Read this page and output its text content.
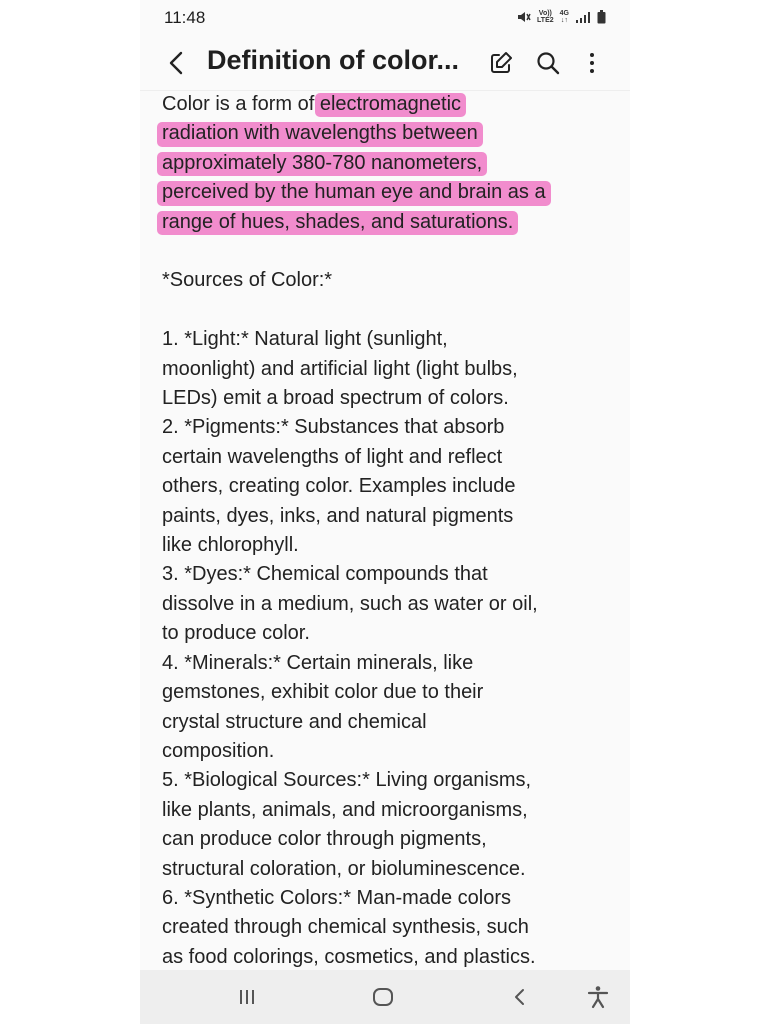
11:48	Vo))
LTE2
4G
↓↑
Definition of color...

Color is a form of electromagnetic

radiation with wavelengths between

approximately 380-780 nanometers,

perceived by the human eye and brain as a

range of hues, shades, and saturations.

*Sources of Color:*

1. *Light:* Natural light (sunlight,

moonlight) and artificial light (light bulbs,

LEDs) emit a broad spectrum of colors.

2. *Pigments:* Substances that absorb

certain wavelengths of light and reflect

others, creating color. Examples include

paints, dyes, inks, and natural pigments

like chlorophyll.

3. *Dyes:* Chemical compounds that

dissolve in a medium, such as water or oil,

to produce color.

4. *Minerals:* Certain minerals, like

gemstones, exhibit color due to their

crystal structure and chemical

composition.

5. *Biological Sources:* Living organisms,

like plants, animals, and microorganisms,

can produce color through pigments,

structural coloration, or bioluminescence.

6. *Synthetic Colors:* Man-made colors

created through chemical synthesis, such

as food colorings, cosmetics, and plastics.
